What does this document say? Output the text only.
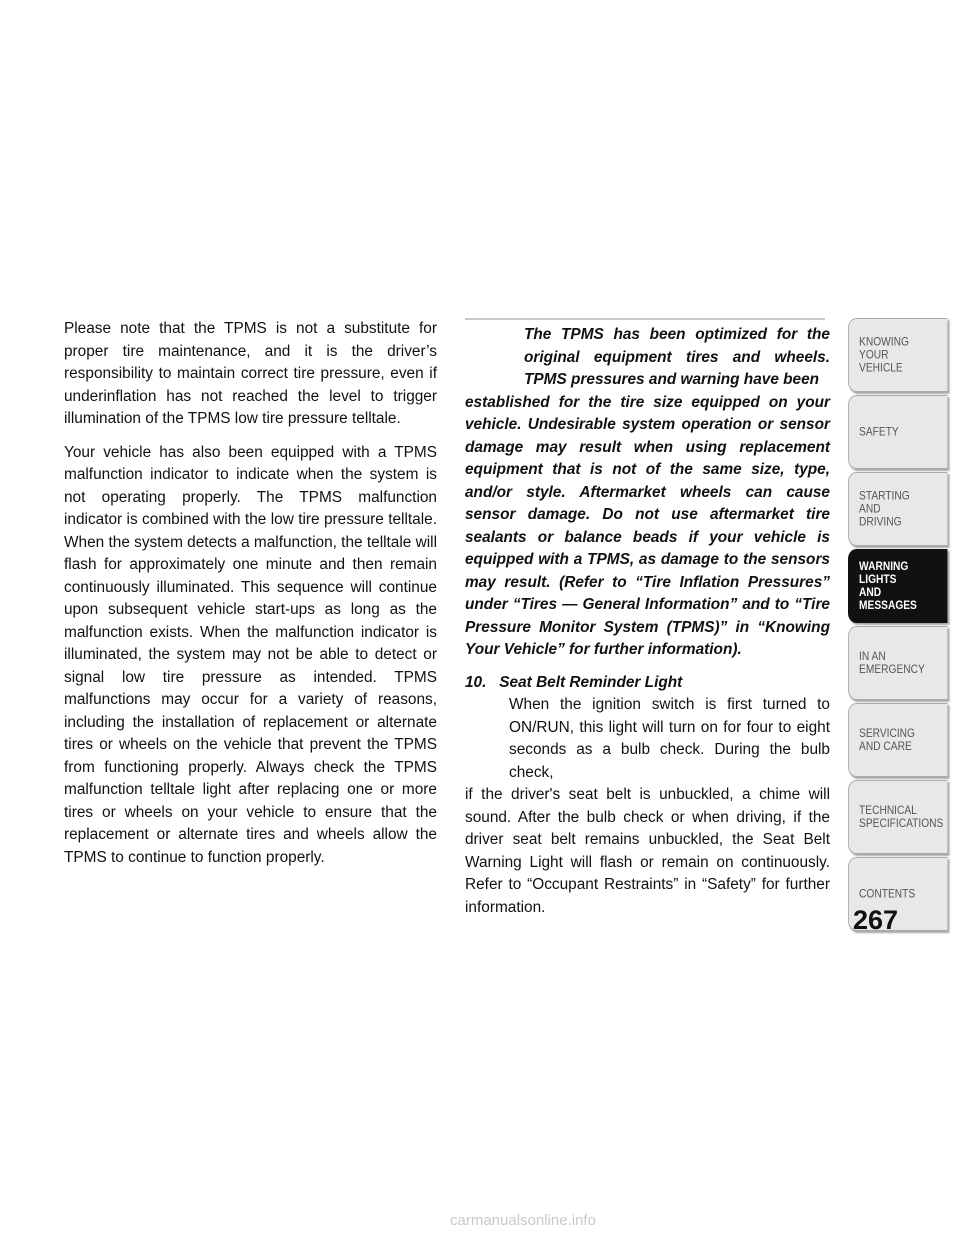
Please note that the TPMS is not a substitute for proper tire maintenance, and it is the driver’s responsibility to maintain correct tire pressure, even if underinflation has not reached the level to trigger illumination of the TPMS low tire pressure telltale.

Your vehicle has also been equipped with a TPMS malfunction indicator to indicate when the system is not operating properly. The TPMS malfunction indicator is combined with the low tire pressure telltale. When the system detects a malfunction, the telltale will flash for approximately one minute and then remain continuously illuminated. This sequence will continue upon subsequent vehicle start-ups as long as the malfunction exists. When the malfunction indicator is illuminated, the system may not be able to detect or signal low tire pressure as intended. TPMS malfunctions may occur for a variety of reasons, including the installation of replacement or alternate tires or wheels on the vehicle that prevent the TPMS from functioning properly. Always check the TPMS malfunction telltale light after replacing one or more tires or wheels on your vehicle to ensure that the replacement or alternate tires and wheels allow the TPMS to continue to function properly.

The TPMS has been optimized for the original equipment tires and wheels. TPMS pressures and warning have been
established for the tire size equipped on your vehicle. Undesirable system operation or sensor damage may result when using replacement equipment that is not of the same size, type, and/or style. Aftermarket wheels can cause sensor damage. Do not use aftermarket tire sealants or balance beads if your vehicle is equipped with a TPMS, as damage to the sensors may result. (Refer to “Tire Inflation Pressures” under “Tires — General Information” and to “Tire Pressure Monitor System (TPMS)” in “Knowing Your Vehicle” for further information).

10. Seat Belt Reminder Light

When the ignition switch is first turned to ON/RUN, this light will turn on for four to eight seconds as a bulb check. During the bulb check,
if the driver's seat belt is unbuckled, a chime will sound. After the bulb check or when driving, if the driver seat belt remains unbuckled, the Seat Belt Warning Light will flash or remain on continuously. Refer to “Occupant Restraints” in “Safety” for further information.

KNOWING
YOUR
VEHICLE
SAFETY
STARTING
AND
DRIVING
WARNING
LIGHTS
AND
MESSAGES
IN AN
EMERGENCY
SERVICING
AND CARE
TECHNICAL
SPECIFICATIONS
CONTENTS
267
carmanualsonline.info
